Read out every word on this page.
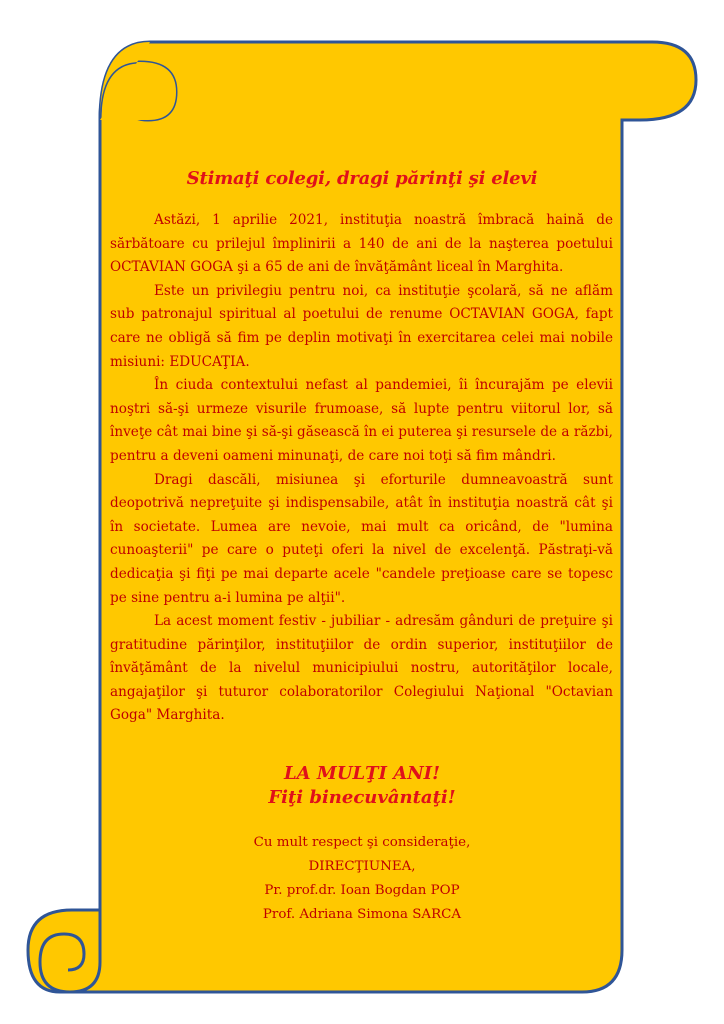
Stimaţi colegi, dragi părinţi şi elevi

Astăzi, 1 aprilie 2021, instituţia noastră îmbracă haină de sărbătoare cu prilejul împlinirii a 140 de ani de la naşterea poetului OCTAVIAN GOGA şi a 65 de ani de învăţământ liceal în Marghita.

Este un privilegiu pentru noi, ca instituţie şcolară, să ne aflăm sub patronajul spiritual al poetului de renume OCTAVIAN GOGA, fapt care ne obligă să fim pe deplin motivaţi în exercitarea celei mai nobile misiuni: EDUCAŢIA.

În ciuda contextului nefast al pandemiei, îi încurajăm pe elevii noştri să-şi urmeze visurile frumoase, să lupte pentru viitorul lor, să înveţe cât mai bine şi să-şi găsească în ei puterea şi resursele de a răzbi, pentru a deveni oameni minunaţi, de care noi toţi să fim mândri.

Dragi dascăli, misiunea şi eforturile dumneavoastră sunt deopotrivă nepreţuite şi indispensabile, atât în instituţia noastră cât şi în societate. Lumea are nevoie, mai mult ca oricând, de "lumina cunoaşterii" pe care o puteţi oferi la nivel de excelenţă. Păstraţi-vă dedicaţia şi fiţi pe mai departe acele "candele preţioase care se topesc pe sine pentru a-i lumina pe alţii".

La acest moment festiv - jubiliar - adresăm gânduri de preţuire şi gratitudine părinţilor, instituţiilor de ordin superior, instituţiilor de învăţământ de la nivelul municipiului nostru, autorităţilor locale, angajaţilor şi tuturor colaboratorilor Colegiului Naţional "Octavian Goga" Marghita.

LA MULŢI ANI!
Fiţi binecuvântaţi!
Cu mult respect şi consideraţie,
DIRECŢIUNEA,
Pr. prof.dr. Ioan Bogdan POP
Prof. Adriana Simona SARCA
